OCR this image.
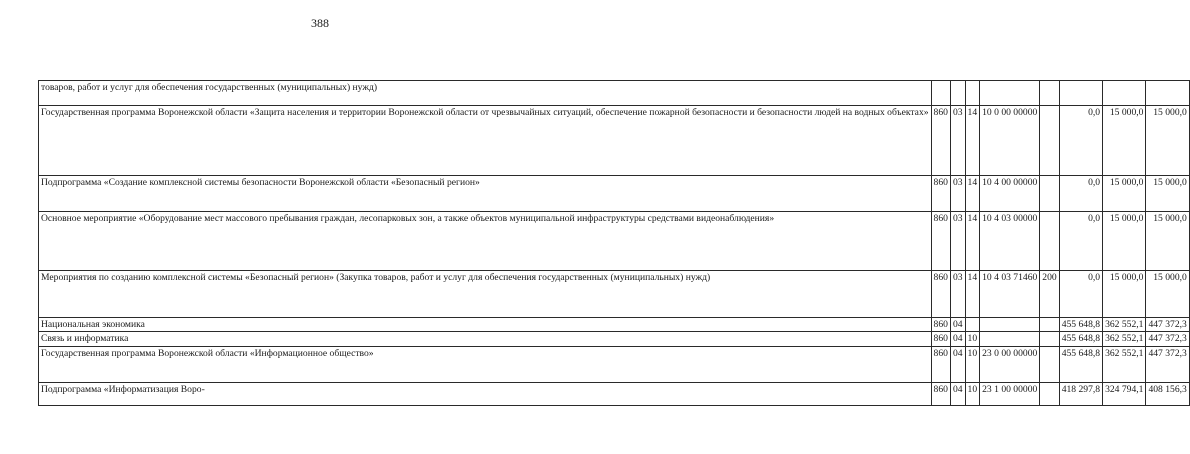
388
товаров, работ и услуг для обеспечения государственных (муниципальных) нужд)								
Государственная программа Воронежской области «Защита населения и территории Воронежской области от чрезвычайных ситуаций, обеспечение пожарной безопасности и безопасности людей на водных объектах»	860	03	14	10 0 00 00000		0,0	15 000,0	15 000,0
Подпрограмма «Создание комплексной системы безопасности Воронежской области «Безопасный регион»	860	03	14	10 4 00 00000		0,0	15 000,0	15 000,0
Основное мероприятие «Оборудование мест массового пребывания граждан, лесопарковых зон, а также объектов муниципальной инфраструктуры средствами видеонаблюдения»	860	03	14	10 4 03 00000		0,0	15 000,0	15 000,0
Мероприятия по созданию комплексной системы «Безопасный регион» (Закупка товаров, работ и услуг для обеспечения государственных (муниципальных) нужд)	860	03	14	10 4 03 71460	200	0,0	15 000,0	15 000,0
Национальная экономика	860	04				455 648,8	362 552,1	447 372,3
Связь и информатика	860	04	10			455 648,8	362 552,1	447 372,3
Государственная программа Воронежской области «Информационное общество»	860	04	10	23 0 00 00000		455 648,8	362 552,1	447 372,3
Подпрограмма «Информатизация Воро-	860	04	10	23 1 00 00000		418 297,8	324 794,1	408 156,3
